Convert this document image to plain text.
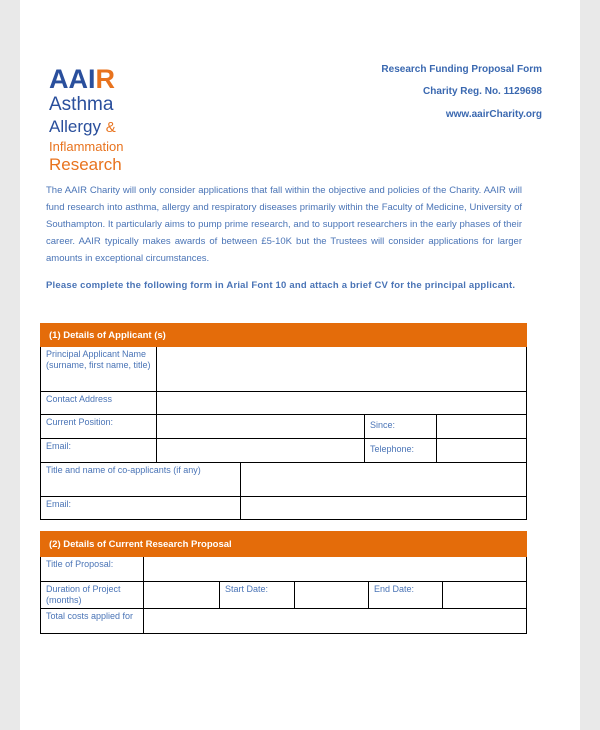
AAIR
Asthma
Allergy &
Inflammation
Research
Research Funding Proposal Form
Charity Reg. No. 1129698
www.aairCharity.org
The AAIR Charity will only consider applications that fall within the objective and policies of the Charity. AAIR will fund research into asthma, allergy and respiratory diseases primarily within the Faculty of Medicine, University of Southampton. It particularly aims to pump prime research, and to support researchers in the early phases of their career. AAIR typically makes awards of between £5-10K but the Trustees will consider applications for larger amounts in exceptional circumstances.
Please complete the following form in Arial Font 10 and attach a brief CV for the principal applicant.
(1) Details of Applicant (s)				
Principal Applicant Name (surname, first name, title)				
Contact Address				
Current Position:			Since:	
Email:			Telephone:	
Title and name of co-applicants (if any)				
Email:				
(2) Details of Current Research Proposal					
Title of Proposal:					
Duration of Project (months)		Start Date:		End Date:	
Total costs applied for					
